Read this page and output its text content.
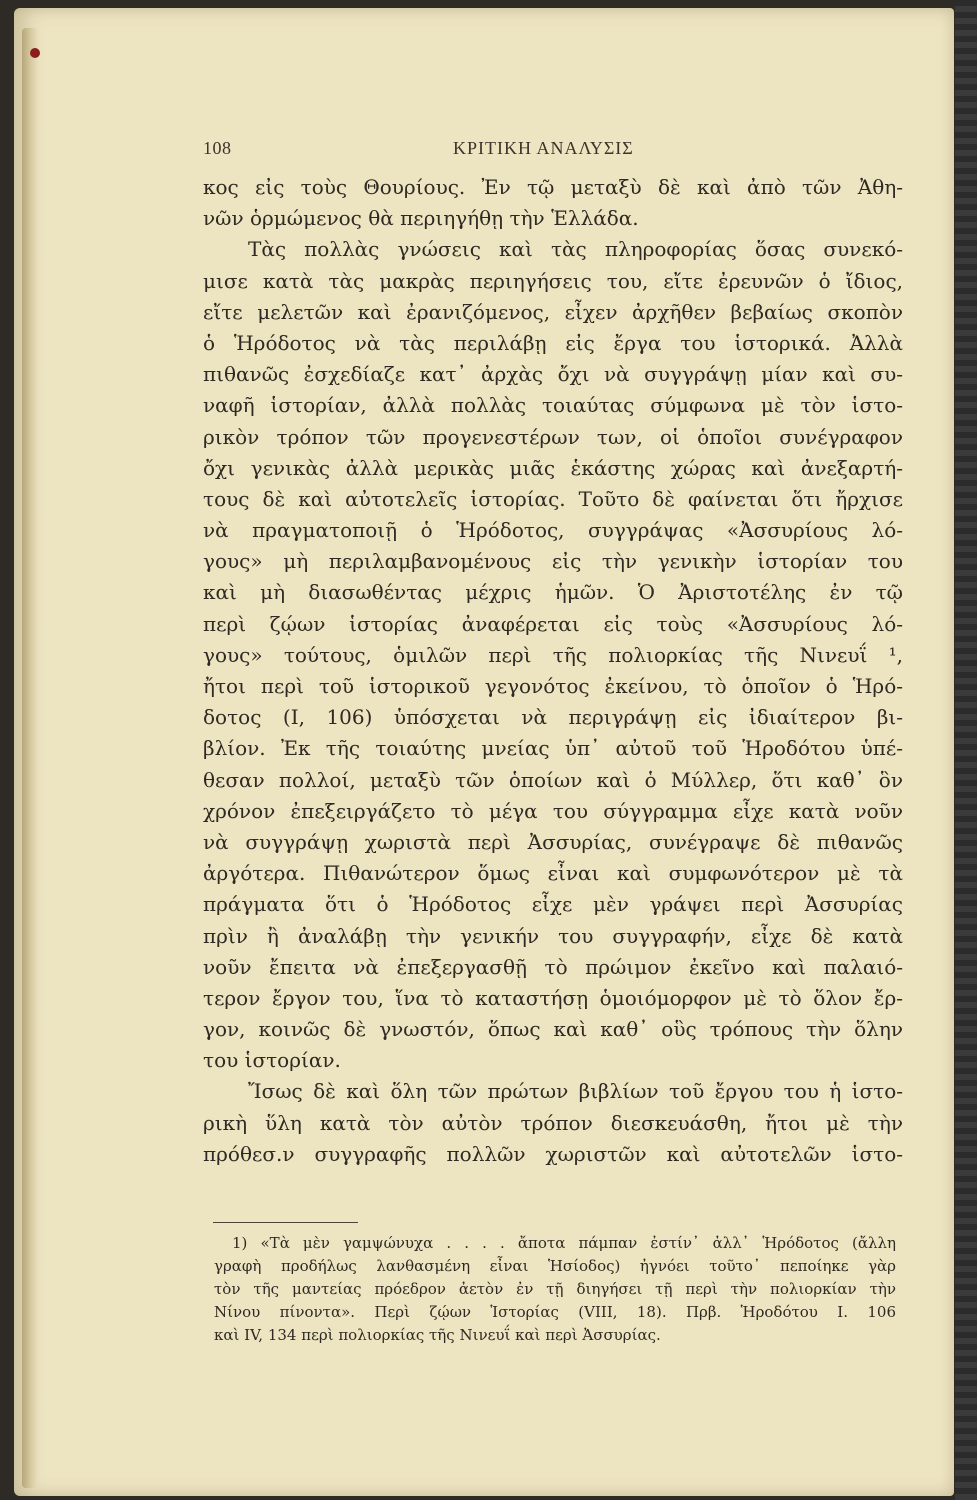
108	ΚΡΙΤΙΚΗ ΑΝΑΛΥΣΙΣ
κος εἰς τοὺς Θουρίους. Ἐν τῷ μεταξὺ δὲ καὶ ἀπὸ τῶν Ἀθη-
νῶν ὁρμώμενος θὰ περιηγήθῃ τὴν Ἑλλάδα.
Τὰς πολλὰς γνώσεις καὶ τὰς πληροφορίας ὅσας συνεκό-
μισε κατὰ τὰς μακρὰς περιηγήσεις του, εἴτε ἐρευνῶν ὁ ἴδιος,
εἴτε μελετῶν καὶ ἐρανιζόμενος, εἶχεν ἀρχῆθεν βεβαίως σκοπὸν
ὁ Ἡρόδοτος νὰ τὰς περιλάβῃ εἰς ἔργα του ἱστορικά. Ἀλλὰ
πιθανῶς ἐσχεδίαζε κατ᾽ ἀρχὰς ὄχι νὰ συγγράψῃ μίαν καὶ συ-
ναφῆ ἱστορίαν, ἀλλὰ πολλὰς τοιαύτας σύμφωνα μὲ τὸν ἱστο-
ρικὸν τρόπον τῶν προγενεστέρων των, οἱ ὁποῖοι συνέγραφον
ὄχι γενικὰς ἀλλὰ μερικὰς μιᾶς ἑκάστης χώρας καὶ ἀνεξαρτή-
τους δὲ καὶ αὐτοτελεῖς ἱστορίας. Τοῦτο δὲ φαίνεται ὅτι ἤρχισε
νὰ πραγματοποιῇ ὁ Ἡρόδοτος, συγγράψας «Ἀσσυρίους λό-
γους» μὴ περιλαμβανομένους εἰς τὴν γενικὴν ἱστορίαν του
καὶ μὴ διασωθέντας μέχρις ἡμῶν. Ὁ Ἀριστοτέλης ἐν τῷ
περὶ ζῴων ἱστορίας ἀναφέρεται εἰς τοὺς «Ἀσσυρίους λό-
γους» τούτους, ὁμιλῶν περὶ τῆς πολιορκίας τῆς Νινευΐ ¹,
ἤτοι περὶ τοῦ ἱστορικοῦ γεγονότος ἐκείνου, τὸ ὁποῖον ὁ Ἡρό-
δοτος (I, 106) ὑπόσχεται νὰ περιγράψῃ εἰς ἰδιαίτερον βι-
βλίον. Ἐκ τῆς τοιαύτης μνείας ὑπ᾽ αὐτοῦ τοῦ Ἡροδότου ὑπέ-
θεσαν πολλοί, μεταξὺ τῶν ὁποίων καὶ ὁ Μύλλερ, ὅτι καθ᾽ ὃν
χρόνον ἐπεξειργάζετο τὸ μέγα του σύγγραμμα εἶχε κατὰ νοῦν
νὰ συγγράψῃ χωριστὰ περὶ Ἀσσυρίας, συνέγραψε δὲ πιθανῶς
ἀργότερα. Πιθανώτερον ὅμως εἶναι καὶ συμφωνότερον μὲ τὰ
πράγματα ὅτι ὁ Ἡρόδοτος εἶχε μὲν γράψει περὶ Ἀσσυρίας
πρὶν ἢ ἀναλάβῃ τὴν γενικήν του συγγραφήν, εἶχε δὲ κατὰ
νοῦν ἔπειτα νὰ ἐπεξεργασθῇ τὸ πρώιμον ἐκεῖνο καὶ παλαιό-
τερον ἔργον του, ἵνα τὸ καταστήσῃ ὁμοιόμορφον μὲ τὸ ὅλον ἔρ-
γον, κοινῶς δὲ γνωστόν, ὅπως καὶ καθ᾽ οὓς τρόπους τὴν ὅλην
του ἱστορίαν.
Ἴσως δὲ καὶ ὅλη τῶν πρώτων βιβλίων τοῦ ἔργου του ἡ ἱστο-
ρικὴ ὕλη κατὰ τὸν αὐτὸν τρόπον διεσκευάσθη, ἤτοι μὲ τὴν
πρόθεσ.ν συγγραφῆς πολλῶν χωριστῶν καὶ αὐτοτελῶν ἱστο-
1) «Τὰ μὲν γαμψώνυχα . . . . ἄποτα πάμπαν ἐστίν᾽ ἀλλ᾽ Ἡρόδοτος (ἄλλη
γραφὴ προδήλως λανθασμένη εἶναι Ἡσίοδος) ἠγνόει τοῦτο᾽ πεποίηκε γὰρ
τὸν τῆς μαντείας πρόεδρον ἀετὸν ἐν τῇ διηγήσει τῇ περὶ τὴν πολιορκίαν τὴν
Νίνου πίνοντα». Περὶ ζῴων Ἱστορίας (VIII, 18). Πρβ. Ἡροδότου I. 106
καὶ IV, 134 περὶ πολιορκίας τῆς Νινευΐ καὶ περὶ Ἀσσυρίας.
